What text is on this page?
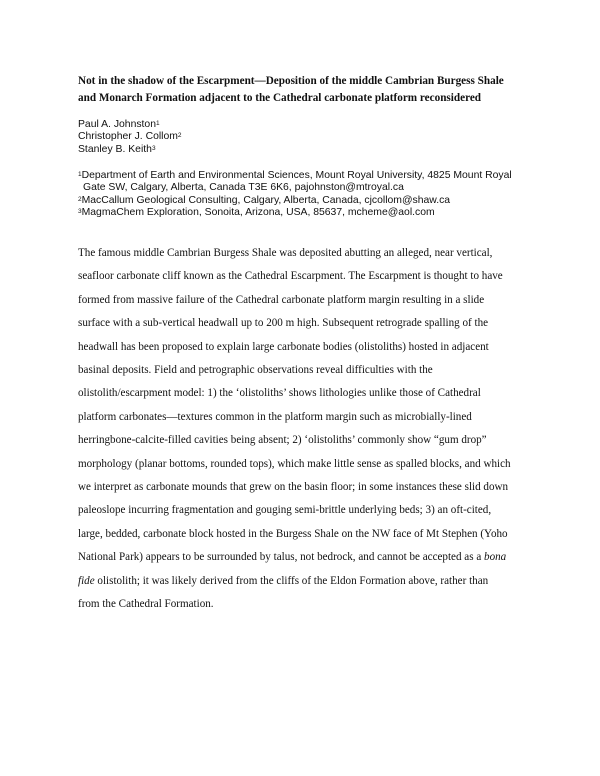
Not in the shadow of the Escarpment—Deposition of the middle Cambrian Burgess Shale
and Monarch Formation adjacent to the Cathedral carbonate platform reconsidered
Paul A. Johnston$^1$
Christopher J. Collom$^2$
Stanley B. Keith$^3$
$^1$Department of Earth and Environmental Sciences, Mount Royal University, 4825 Mount Royal
Gate SW, Calgary, Alberta, Canada T3E 6K6, pajohnston@mtroyal.ca
$^2$MacCallum Geological Consulting, Calgary, Alberta, Canada, cjcollom@shaw.ca
$^3$MagmaChem Exploration, Sonoita, Arizona, USA, 85637, mcheme@aol.com
The famous middle Cambrian Burgess Shale was deposited abutting an alleged, near vertical,
seafloor carbonate cliff known as the Cathedral Escarpment. The Escarpment is thought to have
formed from massive failure of the Cathedral carbonate platform margin resulting in a slide
surface with a sub-vertical headwall up to 200 m high. Subsequent retrograde spalling of the
headwall has been proposed to explain large carbonate bodies (olistoliths) hosted in adjacent
basinal deposits. Field and petrographic observations reveal difficulties with the
olistolith/escarpment model: 1) the ‘olistoliths’ shows lithologies unlike those of Cathedral
platform carbonates—textures common in the platform margin such as microbially-lined
herringbone-calcite-filled cavities being absent; 2) ‘olistoliths’ commonly show “gum drop”
morphology (planar bottoms, rounded tops), which make little sense as spalled blocks, and which
we interpret as carbonate mounds that grew on the basin floor; in some instances these slid down
paleoslope incurring fragmentation and gouging semi-brittle underlying beds; 3) an oft-cited,
large, bedded, carbonate block hosted in the Burgess Shale on the NW face of Mt Stephen (Yoho
National Park) appears to be surrounded by talus, not bedrock, and cannot be accepted as a bona
fide olistolith; it was likely derived from the cliffs of the Eldon Formation above, rather than
from the Cathedral Formation.
